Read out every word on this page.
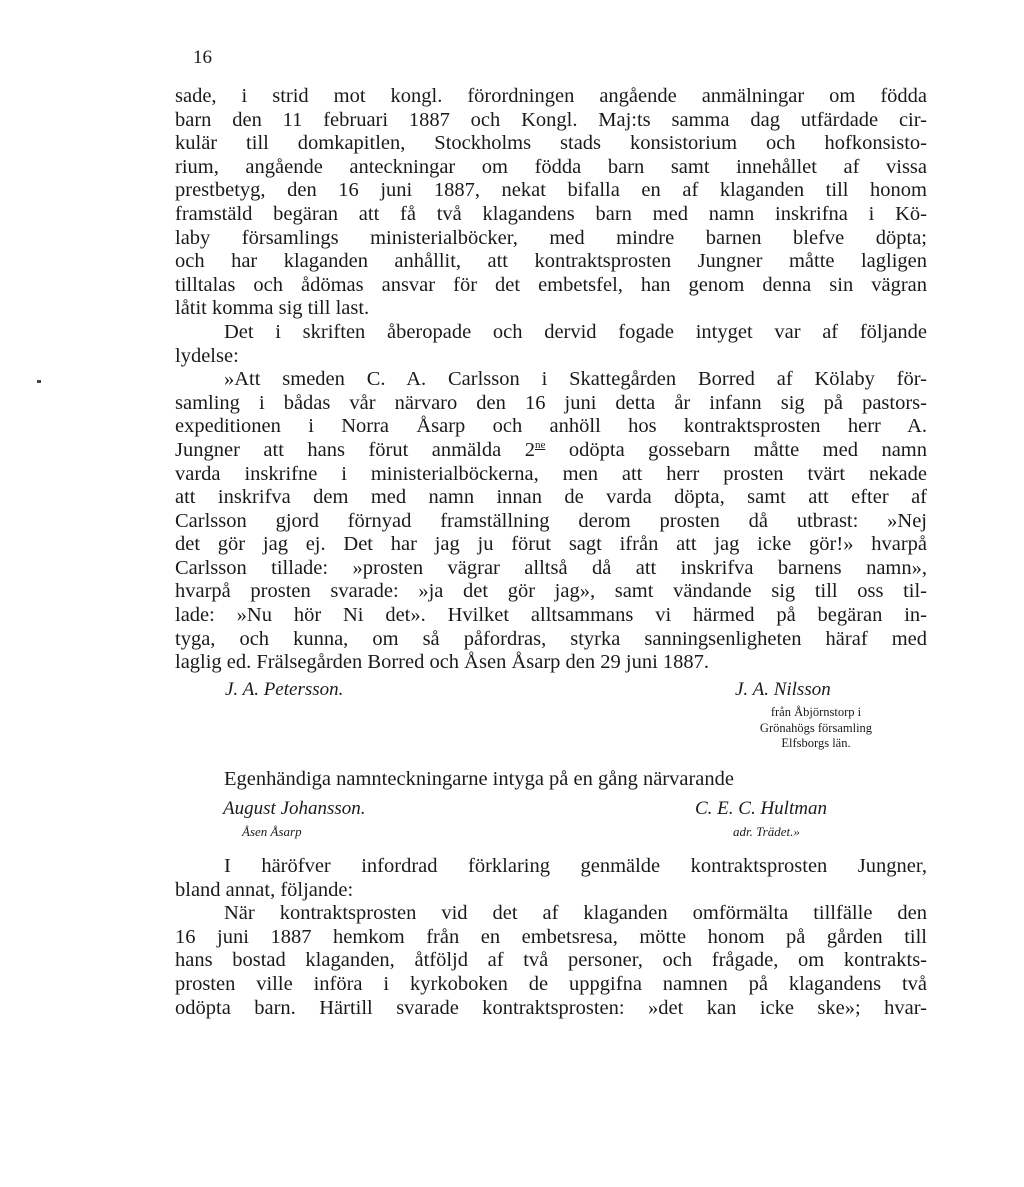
16
sade, i strid mot kongl. förordningen angående anmälningar om födda
barn den 11 februari 1887 och Kongl. Maj:ts samma dag utfärdade cir-
kulär till domkapitlen, Stockholms stads konsistorium och hofkonsisto-
rium, angående anteckningar om födda barn samt innehållet af vissa
prestbetyg, den 16 juni 1887, nekat bifalla en af klaganden till honom
framstäld begäran att få två klagandens barn med namn inskrifna i Kö-
laby församlings ministerialböcker, med mindre barnen blefve döpta;
och har klaganden anhållit, att kontraktsprosten Jungner måtte lagligen
tilltalas och ådömas ansvar för det embetsfel, han genom denna sin vägran
låtit komma sig till last.
Det i skriften åberopade och dervid fogade intyget var af följande
lydelse:
»Att smeden C. A. Carlsson i Skattegården Borred af Kölaby för-
samling i bådas vår närvaro den 16 juni detta år infann sig på pastors-
expeditionen i Norra Åsarp och anhöll hos kontraktsprosten herr A.
Jungner att hans förut anmälda $2^{ne}$ odöpta gossebarn måtte med namn
varda inskrifne i ministerialböckerna, men att herr prosten tvärt nekade
att inskrifva dem med namn innan de varda döpta, samt att efter af
Carlsson gjord förnyad framställning derom prosten då utbrast: »Nej
det gör jag ej. Det har jag ju förut sagt ifrån att jag icke gör!» hvarpå
Carlsson tillade: »prosten vägrar alltså då att inskrifva barnens namn»,
hvarpå prosten svarade: »ja det gör jag», samt vändande sig till oss til-
lade: »Nu hör Ni det». Hvilket alltsammans vi härmed på begäran in-
tyga, och kunna, om så påfordras, styrka sanningsenligheten häraf med
laglig ed. Frälsegården Borred och Åsen Åsarp den 29 juni 1887.
J. A. Petersson.	J. A. Nilsson
från Åbjörnstorp i
Grönahögs församling
Elfsborgs län.
Egenhändiga namnteckningarne intyga på en gång närvarande
August Johansson.
Åsen Åsarp
C. E. C. Hultman
adr. Trädet.»
I häröfver infordrad förklaring genmälde kontraktsprosten Jungner,
bland annat, följande:
När kontraktsprosten vid det af klaganden omförmälta tillfälle den
16 juni 1887 hemkom från en embetsresa, mötte honom på gården till
hans bostad klaganden, åtföljd af två personer, och frågade, om kontrakts-
prosten ville införa i kyrkoboken de uppgifna namnen på klagandens två
odöpta barn. Härtill svarade kontraktsprosten: »det kan icke ske»; hvar-
